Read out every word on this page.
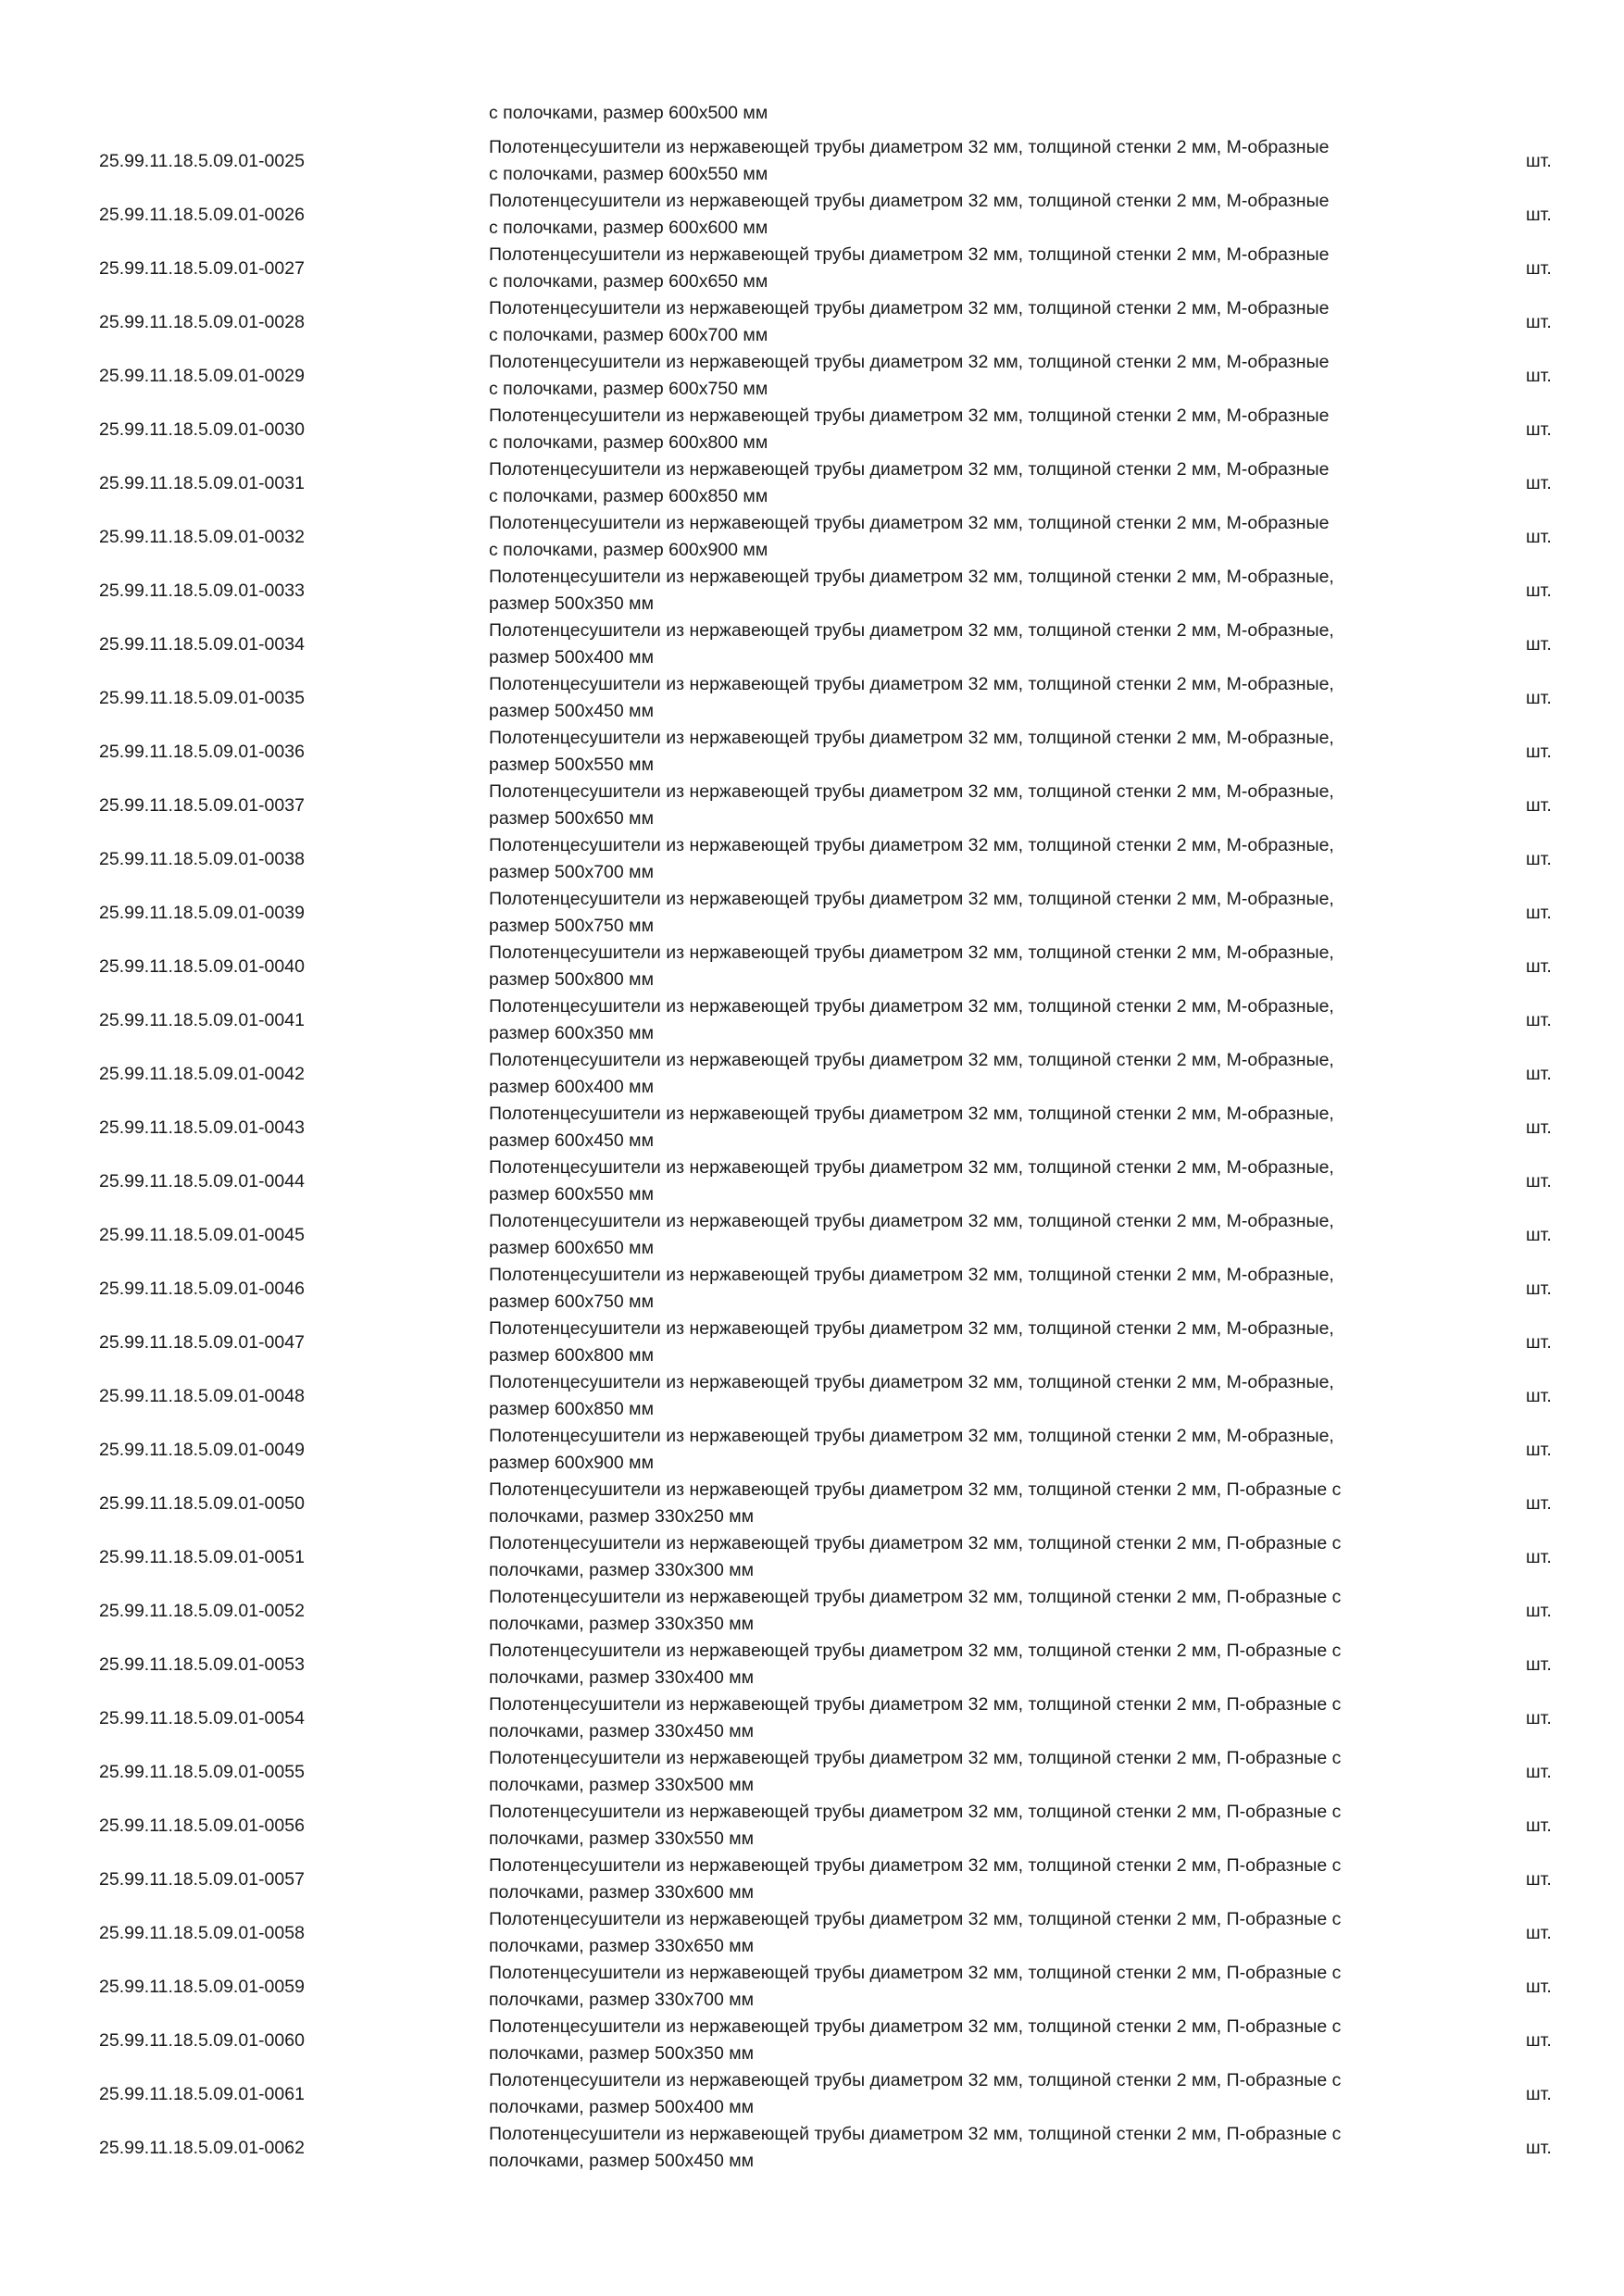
с полочками, размер 600x500 мм
25.99.11.18.5.09.01-0025
Полотенцесушители из нержавеющей трубы диаметром 32 мм, толщиной стенки 2 мм, М-образные
с полочками, размер 600x550 мм
шт.
25.99.11.18.5.09.01-0026
Полотенцесушители из нержавеющей трубы диаметром 32 мм, толщиной стенки 2 мм, М-образные
с полочками, размер 600x600 мм
шт.
25.99.11.18.5.09.01-0027
Полотенцесушители из нержавеющей трубы диаметром 32 мм, толщиной стенки 2 мм, М-образные
с полочками, размер 600x650 мм
шт.
25.99.11.18.5.09.01-0028
Полотенцесушители из нержавеющей трубы диаметром 32 мм, толщиной стенки 2 мм, М-образные
с полочками, размер 600x700 мм
шт.
25.99.11.18.5.09.01-0029
Полотенцесушители из нержавеющей трубы диаметром 32 мм, толщиной стенки 2 мм, М-образные
с полочками, размер 600x750 мм
шт.
25.99.11.18.5.09.01-0030
Полотенцесушители из нержавеющей трубы диаметром 32 мм, толщиной стенки 2 мм, М-образные
с полочками, размер 600x800 мм
шт.
25.99.11.18.5.09.01-0031
Полотенцесушители из нержавеющей трубы диаметром 32 мм, толщиной стенки 2 мм, М-образные
с полочками, размер 600x850 мм
шт.
25.99.11.18.5.09.01-0032
Полотенцесушители из нержавеющей трубы диаметром 32 мм, толщиной стенки 2 мм, М-образные
с полочками, размер 600x900 мм
шт.
25.99.11.18.5.09.01-0033
Полотенцесушители из нержавеющей трубы диаметром 32 мм, толщиной стенки 2 мм, М-образные,
размер 500x350 мм
шт.
25.99.11.18.5.09.01-0034
Полотенцесушители из нержавеющей трубы диаметром 32 мм, толщиной стенки 2 мм, М-образные,
размер 500x400 мм
шт.
25.99.11.18.5.09.01-0035
Полотенцесушители из нержавеющей трубы диаметром 32 мм, толщиной стенки 2 мм, М-образные,
размер 500x450 мм
шт.
25.99.11.18.5.09.01-0036
Полотенцесушители из нержавеющей трубы диаметром 32 мм, толщиной стенки 2 мм, М-образные,
размер 500x550 мм
шт.
25.99.11.18.5.09.01-0037
Полотенцесушители из нержавеющей трубы диаметром 32 мм, толщиной стенки 2 мм, М-образные,
размер 500x650 мм
шт.
25.99.11.18.5.09.01-0038
Полотенцесушители из нержавеющей трубы диаметром 32 мм, толщиной стенки 2 мм, М-образные,
размер 500x700 мм
шт.
25.99.11.18.5.09.01-0039
Полотенцесушители из нержавеющей трубы диаметром 32 мм, толщиной стенки 2 мм, М-образные,
размер 500x750 мм
шт.
25.99.11.18.5.09.01-0040
Полотенцесушители из нержавеющей трубы диаметром 32 мм, толщиной стенки 2 мм, М-образные,
размер 500x800 мм
шт.
25.99.11.18.5.09.01-0041
Полотенцесушители из нержавеющей трубы диаметром 32 мм, толщиной стенки 2 мм, М-образные,
размер 600x350 мм
шт.
25.99.11.18.5.09.01-0042
Полотенцесушители из нержавеющей трубы диаметром 32 мм, толщиной стенки 2 мм, М-образные,
размер 600x400 мм
шт.
25.99.11.18.5.09.01-0043
Полотенцесушители из нержавеющей трубы диаметром 32 мм, толщиной стенки 2 мм, М-образные,
размер 600x450 мм
шт.
25.99.11.18.5.09.01-0044
Полотенцесушители из нержавеющей трубы диаметром 32 мм, толщиной стенки 2 мм, М-образные,
размер 600x550 мм
шт.
25.99.11.18.5.09.01-0045
Полотенцесушители из нержавеющей трубы диаметром 32 мм, толщиной стенки 2 мм, М-образные,
размер 600x650 мм
шт.
25.99.11.18.5.09.01-0046
Полотенцесушители из нержавеющей трубы диаметром 32 мм, толщиной стенки 2 мм, М-образные,
размер 600x750 мм
шт.
25.99.11.18.5.09.01-0047
Полотенцесушители из нержавеющей трубы диаметром 32 мм, толщиной стенки 2 мм, М-образные,
размер 600x800 мм
шт.
25.99.11.18.5.09.01-0048
Полотенцесушители из нержавеющей трубы диаметром 32 мм, толщиной стенки 2 мм, М-образные,
размер 600x850 мм
шт.
25.99.11.18.5.09.01-0049
Полотенцесушители из нержавеющей трубы диаметром 32 мм, толщиной стенки 2 мм, М-образные,
размер 600x900 мм
шт.
25.99.11.18.5.09.01-0050
Полотенцесушители из нержавеющей трубы диаметром 32 мм, толщиной стенки 2 мм, П-образные с
полочками, размер 330x250 мм
шт.
25.99.11.18.5.09.01-0051
Полотенцесушители из нержавеющей трубы диаметром 32 мм, толщиной стенки 2 мм, П-образные с
полочками, размер 330x300 мм
шт.
25.99.11.18.5.09.01-0052
Полотенцесушители из нержавеющей трубы диаметром 32 мм, толщиной стенки 2 мм, П-образные с
полочками, размер 330x350 мм
шт.
25.99.11.18.5.09.01-0053
Полотенцесушители из нержавеющей трубы диаметром 32 мм, толщиной стенки 2 мм, П-образные с
полочками, размер 330x400 мм
шт.
25.99.11.18.5.09.01-0054
Полотенцесушители из нержавеющей трубы диаметром 32 мм, толщиной стенки 2 мм, П-образные с
полочками, размер 330x450 мм
шт.
25.99.11.18.5.09.01-0055
Полотенцесушители из нержавеющей трубы диаметром 32 мм, толщиной стенки 2 мм, П-образные с
полочками, размер 330x500 мм
шт.
25.99.11.18.5.09.01-0056
Полотенцесушители из нержавеющей трубы диаметром 32 мм, толщиной стенки 2 мм, П-образные с
полочками, размер 330x550 мм
шт.
25.99.11.18.5.09.01-0057
Полотенцесушители из нержавеющей трубы диаметром 32 мм, толщиной стенки 2 мм, П-образные с
полочками, размер 330x600 мм
шт.
25.99.11.18.5.09.01-0058
Полотенцесушители из нержавеющей трубы диаметром 32 мм, толщиной стенки 2 мм, П-образные с
полочками, размер 330x650 мм
шт.
25.99.11.18.5.09.01-0059
Полотенцесушители из нержавеющей трубы диаметром 32 мм, толщиной стенки 2 мм, П-образные с
полочками, размер 330x700 мм
шт.
25.99.11.18.5.09.01-0060
Полотенцесушители из нержавеющей трубы диаметром 32 мм, толщиной стенки 2 мм, П-образные с
полочками, размер 500x350 мм
шт.
25.99.11.18.5.09.01-0061
Полотенцесушители из нержавеющей трубы диаметром 32 мм, толщиной стенки 2 мм, П-образные с
полочками, размер 500x400 мм
шт.
25.99.11.18.5.09.01-0062
Полотенцесушители из нержавеющей трубы диаметром 32 мм, толщиной стенки 2 мм, П-образные с
полочками, размер 500x450 мм
шт.
